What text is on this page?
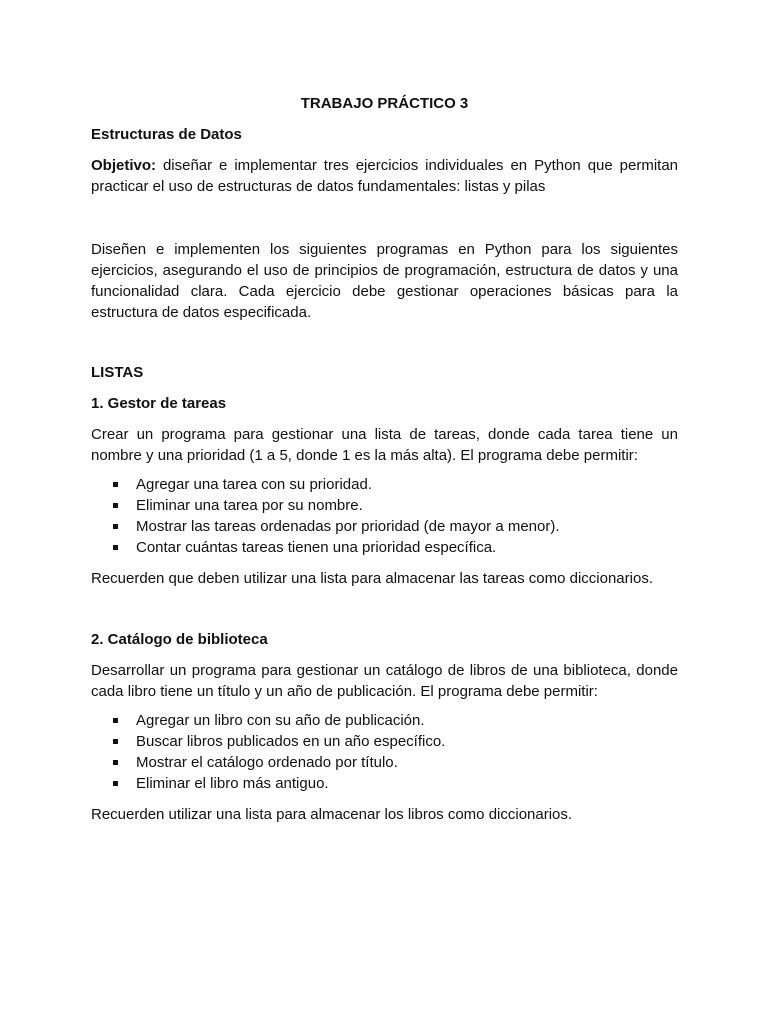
TRABAJO PRÁCTICO 3
Estructuras de Datos

Objetivo: diseñar e implementar tres ejercicios individuales en Python que permitan practicar el uso de estructuras de datos fundamentales: listas y pilas

Diseñen e implementen los siguientes programas en Python para los siguientes ejercicios, asegurando el uso de principios de programación, estructura de datos y una funcionalidad clara. Cada ejercicio debe gestionar operaciones básicas para la estructura de datos especificada.

LISTAS
1. Gestor de tareas

Crear un programa para gestionar una lista de tareas, donde cada tarea tiene un nombre y una prioridad (1 a 5, donde 1 es la más alta). El programa debe permitir:

Agregar una tarea con su prioridad.
Eliminar una tarea por su nombre.
Mostrar las tareas ordenadas por prioridad (de mayor a menor).
Contar cuántas tareas tienen una prioridad específica.

Recuerden que deben utilizar una lista para almacenar las tareas como diccionarios.

2. Catálogo de biblioteca

Desarrollar un programa para gestionar un catálogo de libros de una biblioteca, donde cada libro tiene un título y un año de publicación. El programa debe permitir:

Agregar un libro con su año de publicación.
Buscar libros publicados en un año específico.
Mostrar el catálogo ordenado por título.
Eliminar el libro más antiguo.

Recuerden utilizar una lista para almacenar los libros como diccionarios.
